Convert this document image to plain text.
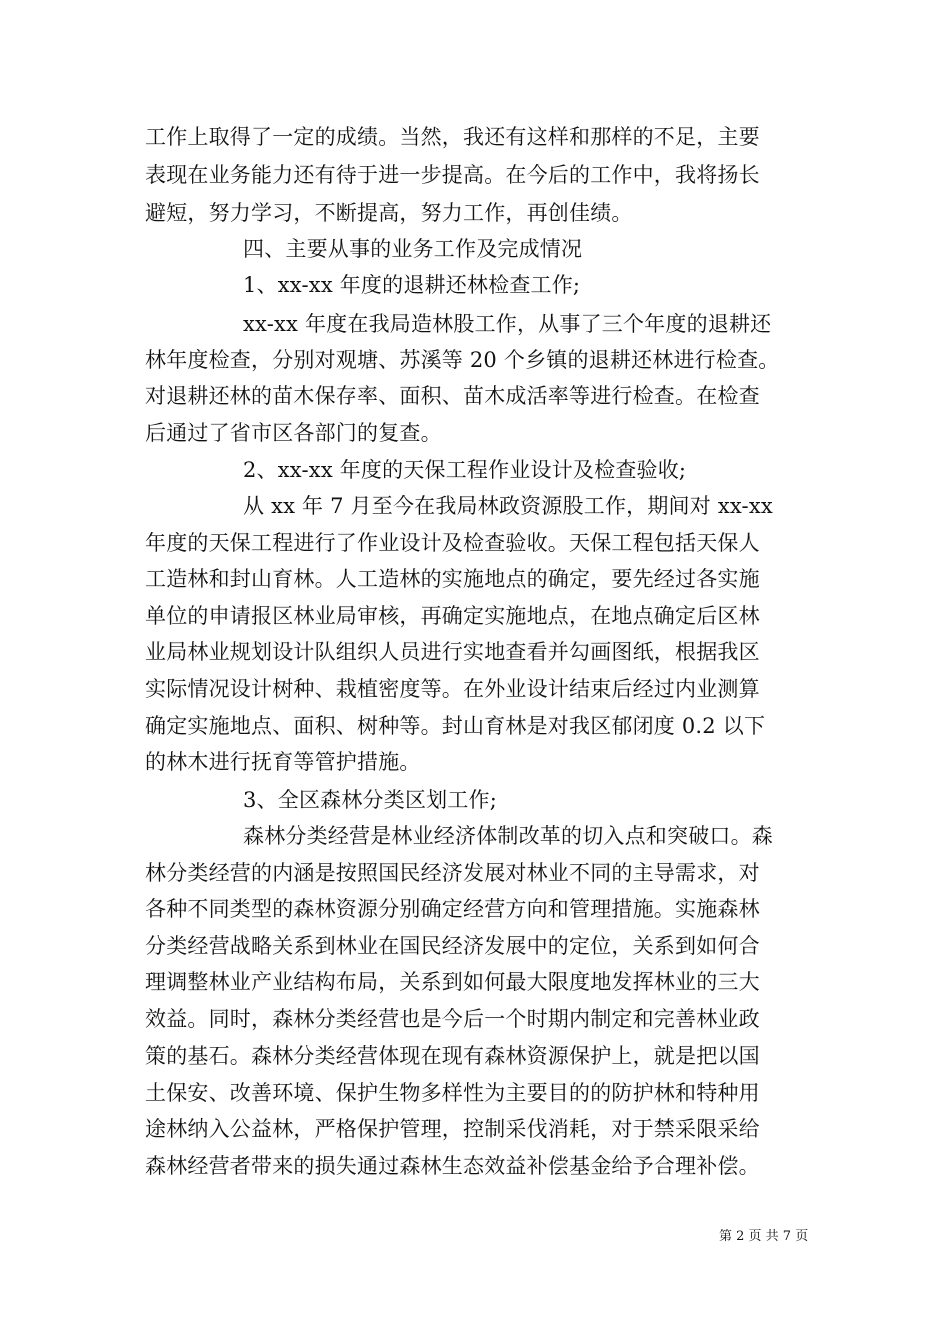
工作上取得了一定的成绩。当然，我还有这样和那样的不足，主要
表现在业务能力还有待于进一步提高。在今后的工作中，我将扬长
避短，努力学习，不断提高，努力工作，再创佳绩。
四、主要从事的业务工作及完成情况
1、xx-xx 年度的退耕还林检查工作;
xx-xx 年度在我局造林股工作，从事了三个年度的退耕还
林年度检查，分别对观塘、苏溪等 20 个乡镇的退耕还林进行检查。
对退耕还林的苗木保存率、面积、苗木成活率等进行检查。在检查
后通过了省市区各部门的复查。
2、xx-xx 年度的天保工程作业设计及检查验收;
从 xx 年 7 月至今在我局林政资源股工作，期间对 xx-xx
年度的天保工程进行了作业设计及检查验收。天保工程包括天保人
工造林和封山育林。人工造林的实施地点的确定，要先经过各实施
单位的申请报区林业局审核，再确定实施地点，在地点确定后区林
业局林业规划设计队组织人员进行实地查看并勾画图纸，根据我区
实际情况设计树种、栽植密度等。在外业设计结束后经过内业测算
确定实施地点、面积、树种等。封山育林是对我区郁闭度 0.2 以下
的林木进行抚育等管护措施。
3、全区森林分类区划工作;
森林分类经营是林业经济体制改革的切入点和突破口。森
林分类经营的内涵是按照国民经济发展对林业不同的主导需求，对
各种不同类型的森林资源分别确定经营方向和管理措施。实施森林
分类经营战略关系到林业在国民经济发展中的定位，关系到如何合
理调整林业产业结构布局，关系到如何最大限度地发挥林业的三大
效益。同时，森林分类经营也是今后一个时期内制定和完善林业政
策的基石。森林分类经营体现在现有森林资源保护上，就是把以国
土保安、改善环境、保护生物多样性为主要目的的防护林和特种用
途林纳入公益林，严格保护管理，控制采伐消耗，对于禁采限采给
森林经营者带来的损失通过森林生态效益补偿基金给予合理补偿。
第 2 页 共 7 页
